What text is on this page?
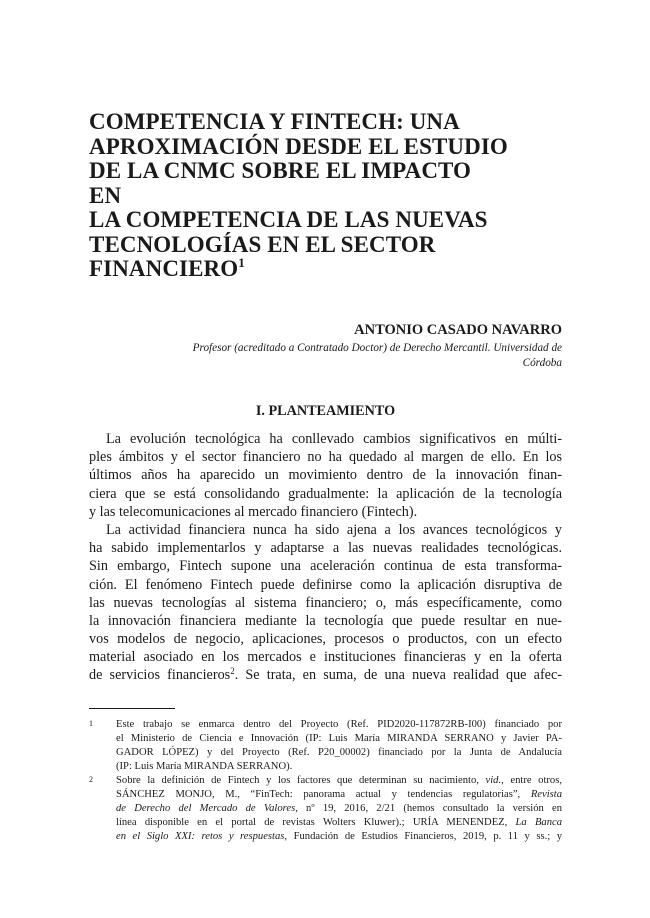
COMPETENCIA Y FINTECH: UNA
APROXIMACIÓN DESDE EL ESTUDIO
DE LA CNMC SOBRE EL IMPACTO EN
LA COMPETENCIA DE LAS NUEVAS
TECNOLOGÍAS EN EL SECTOR
FINANCIERO$^1$
ANTONIO CASADO NAVARRO
Profesor (acreditado a Contratado Doctor) de Derecho Mercantil. Universidad de
Córdoba
I. PLANTEAMIENTO

La evolución tecnológica ha conllevado cambios significativos en múlti-
ples ámbitos y el sector financiero no ha quedado al margen de ello. En los
últimos años ha aparecido un movimiento dentro de la innovación finan-
ciera que se está consolidando gradualmente: la aplicación de la tecnología
y las telecomunicaciones al mercado financiero (Fintech).

La actividad financiera nunca ha sido ajena a los avances tecnológicos y
ha sabido implementarlos y adaptarse a las nuevas realidades tecnológicas.
Sin embargo, Fintech supone una aceleración continua de esta transforma-
ción. El fenómeno Fintech puede definirse como la aplicación disruptiva de
las nuevas tecnologías al sistema financiero; o, más específicamente, como
la innovación financiera mediante la tecnología que puede resultar en nue-
vos modelos de negocio, aplicaciones, procesos o productos, con un efecto
material asociado en los mercados e instituciones financieras y en la oferta
de servicios financieros$^2$. Se trata, en suma, de una nueva realidad que afec-

1 Este trabajo se enmarca dentro del Proyecto (Ref. PID2020-117872RB-I00) financiado por
el Ministerio de Ciencia e Innovación (IP: Luis María MIRANDA SERRANO y Javier PA-
GADOR LÓPEZ) y del Proyecto (Ref. P20_00002) financiado por la Junta de Andalucía
(IP: Luis María MIRANDA SERRANO).
2 Sobre la definición de Fintech y los factores que determinan su nacimiento, vid., entre otros,
SÁNCHEZ MONJO, M., “FinTech: panorama actual y tendencias regulatorias”, Revista
de Derecho del Mercado de Valores, nº 19, 2016, 2/21 (hemos consultado la versión en
línea disponible en el portal de revistas Wolters Kluwer).; URÍA MENENDEZ, La Banca
en el Siglo XXI: retos y respuestas, Fundación de Estudios Financieros, 2019, p. 11 y ss.; y
